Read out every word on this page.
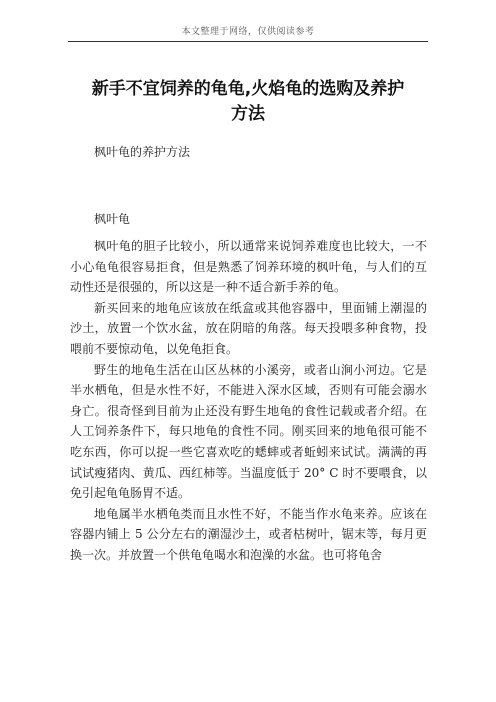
本文整理于网络，仅供阅读参考
新手不宜饲养的龟龟,火焰龟的选购及养护
方法
枫叶龟的养护方法
枫叶龟

枫叶龟的胆子比较小，所以通常来说饲养难度也比较大，一不小心龟龟很容易拒食，但是熟悉了饲养环境的枫叶龟，与人们的互动性还是很强的，所以这是一种不适合新手养的龟。

新买回来的地龟应该放在纸盒或其他容器中，里面铺上潮湿的沙土，放置一个饮水盆，放在阴暗的角落。每天投喂多种食物，投喂前不要惊动龟，以免龟拒食。

野生的地龟生活在山区丛林的小溪旁，或者山涧小河边。它是半水栖龟，但是水性不好，不能进入深水区域，否则有可能会溺水身亡。很奇怪到目前为止还没有野生地龟的食性记载或者介绍。在人工饲养条件下，每只地龟的食性不同。刚买回来的地龟很可能不吃东西，你可以捉一些它喜欢吃的蟋蟀或者蚯蚓来试试。满满的再试试瘦猪肉、黄瓜、西红柿等。当温度低于 20° C 时不要喂食，以免引起龟龟肠胃不适。

地龟属半水栖龟类而且水性不好，不能当作水龟来养。应该在容器内铺上 5 公分左右的潮湿沙土，或者枯树叶，锯末等，每月更换一次。并放置一个供龟龟喝水和泡澡的水盆。也可将龟舍
